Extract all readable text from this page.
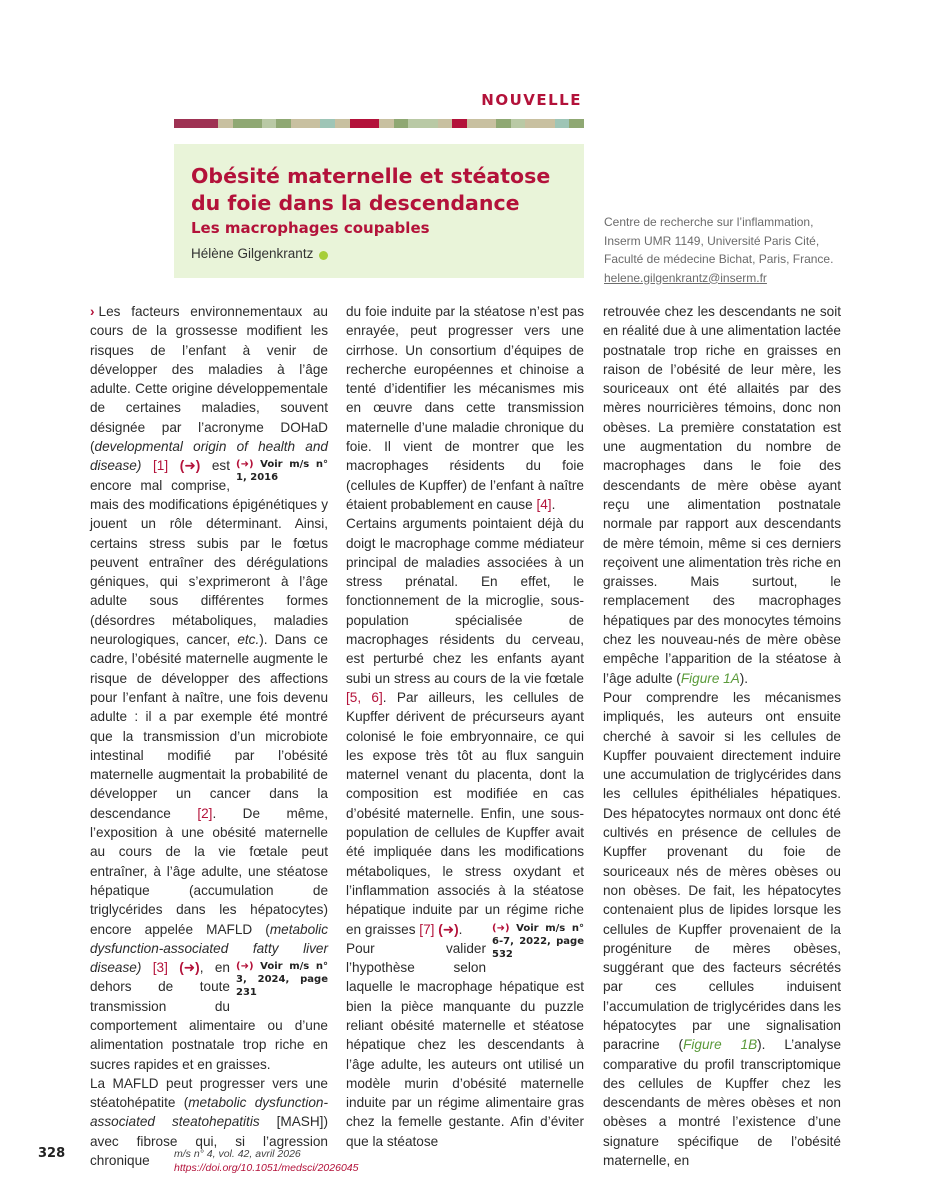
NOUVELLE
Obésité maternelle et stéatose du foie dans la descendance
Les macrophages coupables
Hélène Gilgenkrantz
Centre de recherche sur l’inflammation,
Inserm UMR 1149, Université Paris Cité,
Faculté de médecine Bichat, Paris, France.
helene.gilgenkrantz@inserm.fr

› Les facteurs environnementaux au cours de la grossesse modifient les risques de l’enfant à venir de développer des maladies à l’âge adulte. Cette origine développementale de certaines maladies, souvent désignée par l’acronyme DOHaD (developmental origin of health and disease) [1] (➜)	(➜) Voir m/s n° 1, 2016
est encore mal comprise, mais des modifications épigénétiques y jouent un rôle déterminant. Ainsi, certains stress subis par le fœtus peuvent entraîner des dérégulations géniques, qui s’exprimeront à l’âge adulte sous différentes formes (désordres métaboliques, maladies neurologiques, cancer, etc.). Dans ce cadre, l’obésité maternelle augmente le risque de développer des affections pour l’enfant à naître, une fois devenu adulte : il a par exemple été montré que la transmission d’un microbiote intestinal modifié par l’obésité maternelle augmentait la probabilité de développer un cancer dans la descendance [2]. De même, l’exposition à une obésité maternelle au cours de la vie fœtale peut entraîner, à l’âge adulte, une stéatose hépatique (accumulation de triglycérides dans les hépatocytes) encore appelée MAFLD (metabolic dysfunction-associated fatty liver disease) [3] (➜)	(➜) Voir m/s n° 3, 2024, page 231
, en dehors de toute transmission du comportement alimentaire ou d’une alimentation postnatale trop riche en sucres rapides et en graisses.

La MAFLD peut progresser vers une stéatohépatite (metabolic dysfunction-associated steatohepatitis [MASH]) avec fibrose qui, si l’agression chronique

du foie induite par la stéatose n’est pas enrayée, peut progresser vers une cirrhose. Un consortium d’équipes de recherche européennes et chinoise a tenté d’identifier les mécanismes mis en œuvre dans cette transmission maternelle d’une maladie chronique du foie. Il vient de montrer que les macrophages résidents du foie (cellules de Kupffer) de l’enfant à naître étaient probablement en cause [4].

Certains arguments pointaient déjà du doigt le macrophage comme médiateur principal de maladies associées à un stress prénatal. En effet, le fonctionnement de la microglie, sous-population spécialisée de macrophages résidents du cerveau, est perturbé chez les enfants ayant subi un stress au cours de la vie fœtale [5, 6]. Par ailleurs, les cellules de Kupffer dérivent de précurseurs ayant colonisé le foie embryonnaire, ce qui les expose très tôt au flux sanguin maternel venant du placenta, dont la composition est modifiée en cas d’obésité maternelle. Enfin, une sous-population de cellules de Kupffer avait été impliquée dans les modifications métaboliques, le stress oxydant et l’inflammation associés à la stéatose hépatique induite par un régime riche en graisses	(➜) Voir m/s n° 6-7, 2022, page 532
[7] (➜).

Pour valider l’hypothèse selon laquelle le macrophage hépatique est bien la pièce manquante du puzzle reliant obésité maternelle et stéatose hépatique chez les descendants à l’âge adulte, les auteurs ont utilisé un modèle murin d’obésité maternelle induite par un régime alimentaire gras chez la femelle gestante. Afin d’éviter que la stéatose

retrouvée chez les descendants ne soit en réalité due à une alimentation lactée postnatale trop riche en graisses en raison de l’obésité de leur mère, les souriceaux ont été allaités par des mères nourricières témoins, donc non obèses. La première constatation est une augmentation du nombre de macrophages dans le foie des descendants de mère obèse ayant reçu une alimentation postnatale normale par rapport aux descendants de mère témoin, même si ces derniers reçoivent une alimentation très riche en graisses. Mais surtout, le remplacement des macrophages hépatiques par des monocytes témoins chez les nouveau-nés de mère obèse empêche l’apparition de la stéatose à l’âge adulte (Figure 1A).

Pour comprendre les mécanismes impliqués, les auteurs ont ensuite cherché à savoir si les cellules de Kupffer pouvaient directement induire une accumulation de triglycérides dans les cellules épithéliales hépatiques. Des hépatocytes normaux ont donc été cultivés en présence de cellules de Kupffer provenant du foie de souriceaux nés de mères obèses ou non obèses. De fait, les hépatocytes contenaient plus de lipides lorsque les cellules de Kupffer provenaient de la progéniture de mères obèses, suggérant que des facteurs sécrétés par ces cellules induisent l’accumulation de triglycérides dans les hépatocytes par une signalisation paracrine (Figure 1B). L’analyse comparative du profil transcriptomique des cellules de Kupffer chez les descendants de mères obèses et non obèses a montré l’existence d’une signature spécifique de l’obésité maternelle, en

328	m/s n° 4, vol. 42, avril 2026
https://doi.org/10.1051/medsci/2026045
